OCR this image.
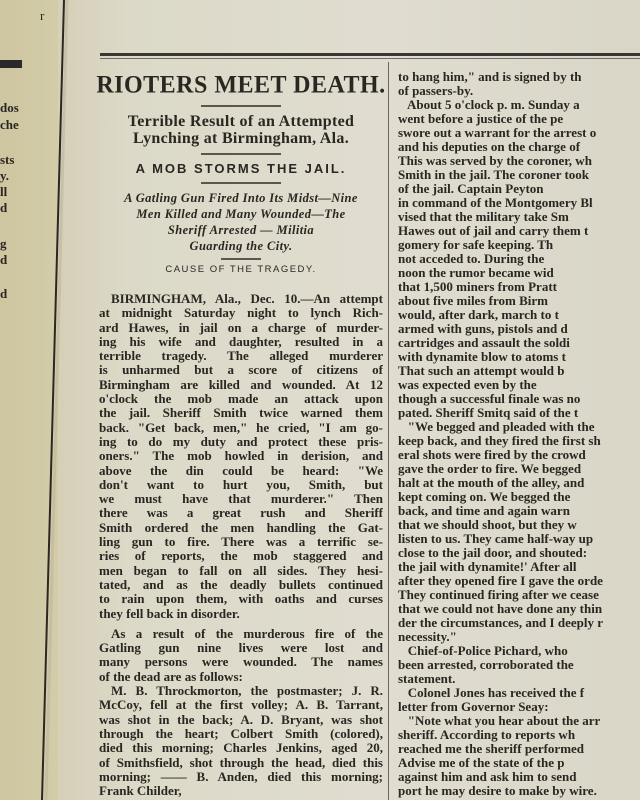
r
dos
che
sts
y.
ll
d
g
d
d
RIOTERS MEET DEATH.
Terrible Result of an Attempted
Lynching at Birmingham, Ala.
A MOB STORMS THE JAIL.
A Gatling Gun Fired Into Its Midst—Nine
Men Killed and Many Wounded—The
Sheriff Arrested — Militia
Guarding the City.
CAUSE OF THE TRAGEDY.
BIRMINGHAM, Ala., Dec. 10.—An attempt
at midnight Saturday night to lynch Rich-
ard Hawes, in jail on a charge of murder-
ing his wife and daughter, resulted in a
terrible tragedy. The alleged murderer
is unharmed but a score of citizens of
Birmingham are killed and wounded. At 12
o'clock the mob made an attack upon
the jail. Sheriff Smith twice warned them
back. "Get back, men," he cried, "I am go-
ing to do my duty and protect these pris-
oners." The mob howled in derision, and
above the din could be heard: "We
don't want to hurt you, Smith, but
we must have that murderer." Then
there was a great rush and Sheriff
Smith ordered the men handling the Gat-
ling gun to fire. There was a terrific se-
ries of reports, the mob staggered and
men began to fall on all sides. They hesi-
tated, and as the deadly bullets continued
to rain upon them, with oaths and curses
they fell back in disorder.
As a result of the murderous fire of the
Gatling gun nine lives were lost and
many persons were wounded. The names
of the dead are as follows:
M. B. Throckmorton, the postmaster; J. R.
McCoy, fell at the first volley; A. B. Tarrant,
was shot in the back; A. D. Bryant, was shot
through the heart; Colbert Smith (colored),
died this morning; Charles Jenkins, aged 20,
of Smithsfield, shot through the head, died this
morning; —— B. Anden, died this morning;
Frank Childer,
to hang him," and is signed by th
of passers-by.
About 5 o'clock p. m. Sunday a
went before a justice of the pe
swore out a warrant for the arrest o
and his deputies on the charge of
This was served by the coroner, wh
Smith in the jail. The coroner took
of the jail. Captain Peyton
in command of the Montgomery Bl
vised that the military take Sm
Hawes out of jail and carry them t
gomery for safe keeping. Th
not acceded to. During the
noon the rumor became wid
that 1,500 miners from Pratt
about five miles from Birm
would, after dark, march to t
armed with guns, pistols and d
cartridges and assault the soldi
with dynamite blow to atoms t
That such an attempt would b
was expected even by the
though a successful finale was no
pated. Sheriff Smitq said of the t
"We begged and pleaded with the
keep back, and they fired the first sh
eral shots were fired by the crowd
gave the order to fire. We begged
halt at the mouth of the alley, and
kept coming on. We begged the
back, and time and again warn
that we should shoot, but they w
listen to us. They came half-way up
close to the jail door, and shouted:
the jail with dynamite!' After all
after they opened fire I gave the orde
They continued firing after we cease
that we could not have done any thin
der the circumstances, and I deeply r
necessity."
Chief-of-Police Pichard, who
been arrested, corroborated the
statement.
Colonel Jones has received the f
letter from Governor Seay:
"Note what you hear about the arr
sheriff. According to reports wh
reached me the sheriff performed
Advise me of the state of the p
against him and ask him to send
port he may desire to make by wire.
